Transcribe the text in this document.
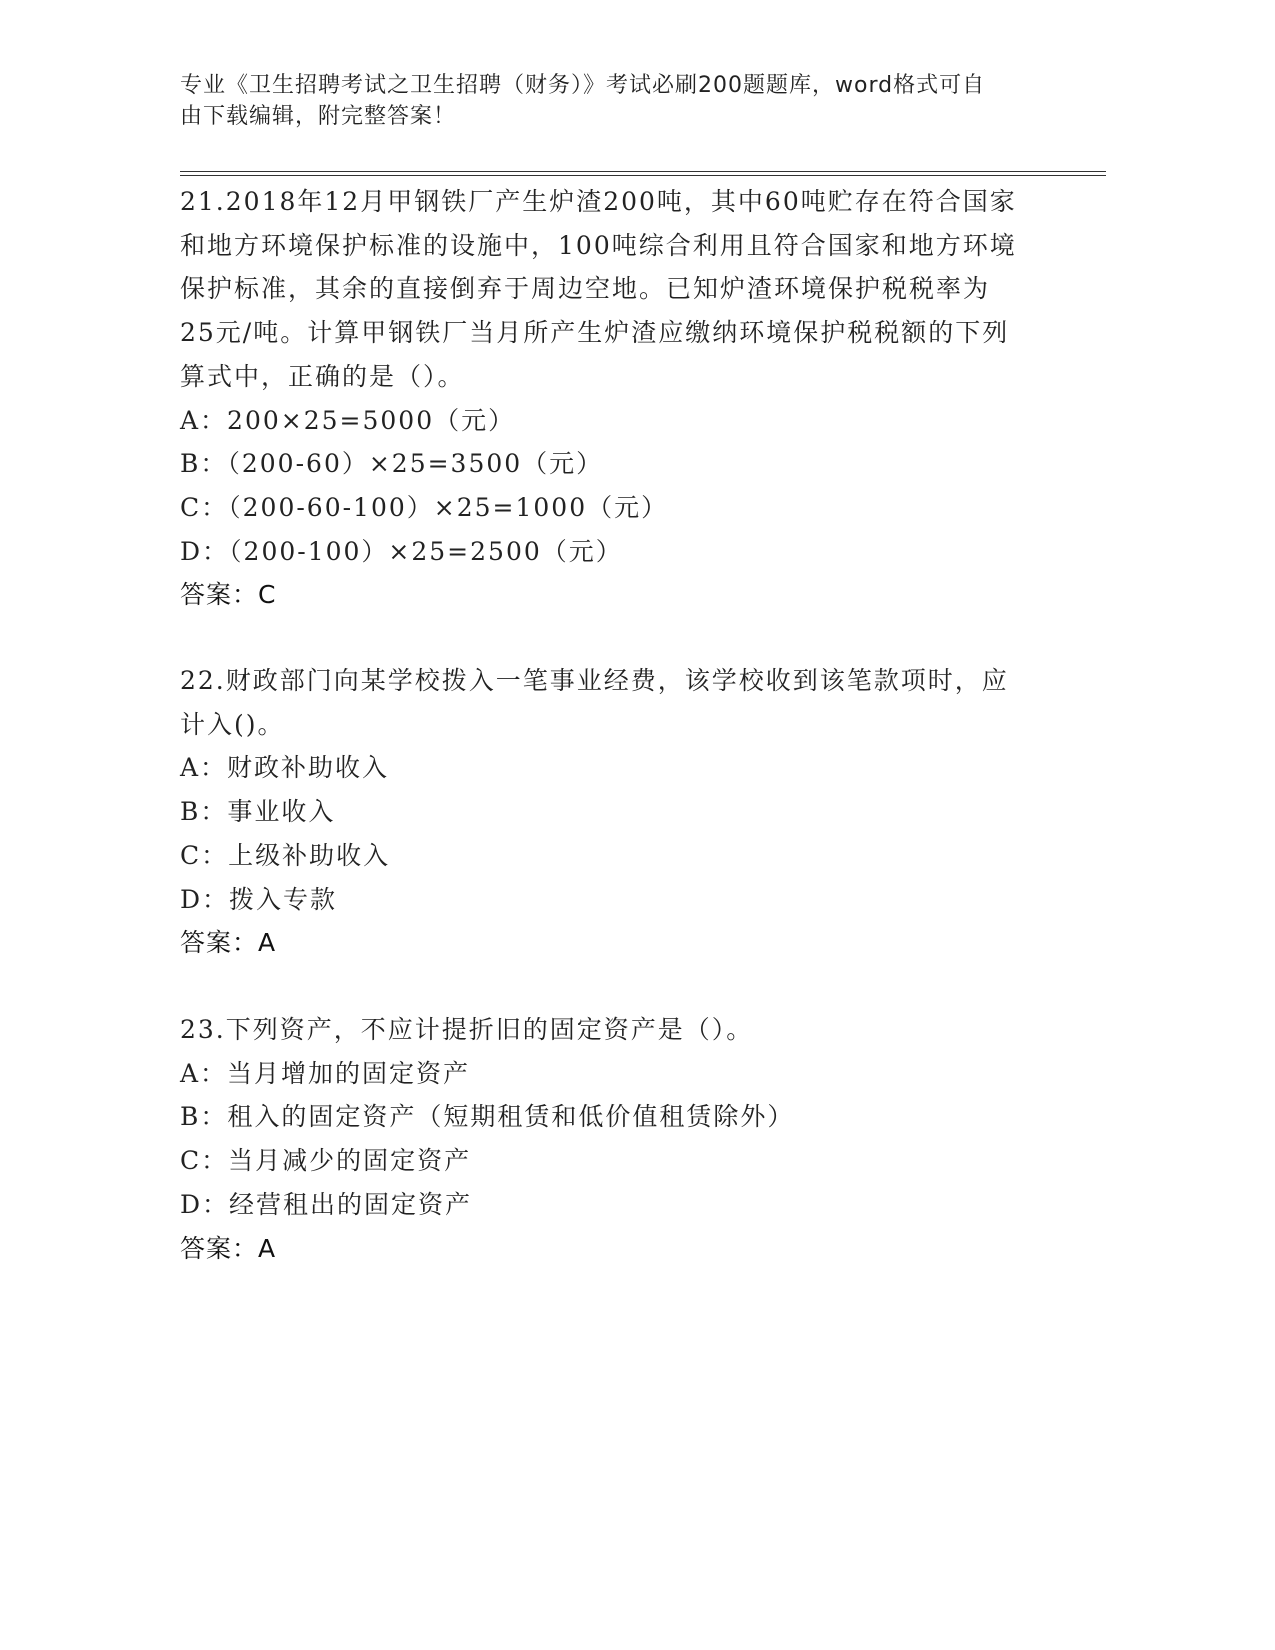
专业《卫生招聘考试之卫生招聘（财务）》考试必刷200题题库，word格式可自
由下载编辑，附完整答案！

21.2018年12月甲钢铁厂产生炉渣200吨，其中60吨贮存在符合国家

和地方环境保护标准的设施中，100吨综合利用且符合国家和地方环境

保护标准，其余的直接倒弃于周边空地。已知炉渣环境保护税税率为

25元/吨。计算甲钢铁厂当月所产生炉渣应缴纳环境保护税税额的下列

算式中，正确的是（）。

A：200×25=5000（元）

B：（200-60）×25=3500（元）

C：（200-60-100）×25=1000（元）

D：（200-100）×25=2500（元）

答案：C

22.财政部门向某学校拨入一笔事业经费，该学校收到该笔款项时，应

计入()。

A：财政补助收入

B：事业收入

C：上级补助收入

D：拨入专款

答案：A

23.下列资产，不应计提折旧的固定资产是（）。

A：当月增加的固定资产

B：租入的固定资产（短期租赁和低价值租赁除外）

C：当月减少的固定资产

D：经营租出的固定资产

答案：A
